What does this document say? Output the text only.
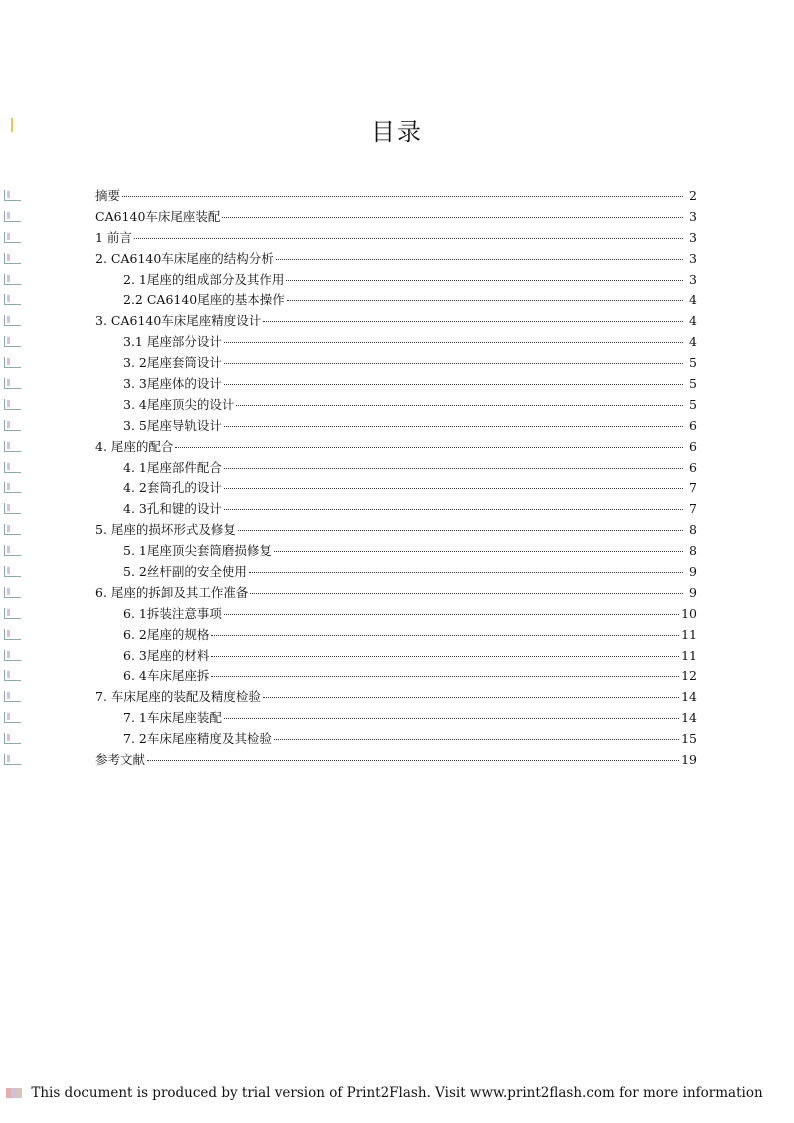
目录
摘要	2
CA6140车床尾座装配	3
1 前言	3
2. CA6140车床尾座的结构分析	3
2. 1尾座的组成部分及其作用	3
2.2 CA6140尾座的基本操作	4
3. CA6140车床尾座精度设计	4
3.1 尾座部分设计	4
3. 2尾座套筒设计	5
3. 3尾座体的设计	5
3. 4尾座顶尖的设计	5
3. 5尾座导轨设计	6
4. 尾座的配合	6
4. 1尾座部件配合	6
4. 2套筒孔的设计	7
4. 3孔和键的设计	7
5. 尾座的损坏形式及修复	8
5. 1尾座顶尖套筒磨损修复	8
5. 2丝杆副的安全使用	9
6. 尾座的拆卸及其工作准备	9
6. 1拆装注意事项	10
6. 2尾座的规格	11
6. 3尾座的材料	11
6. 4车床尾座拆	12
7. 车床尾座的装配及精度检验	14
7. 1车床尾座装配	14
7. 2车床尾座精度及其检验	15
参考文献	19
This document is produced by trial version of Print2Flash. Visit www.print2flash.com for more information
